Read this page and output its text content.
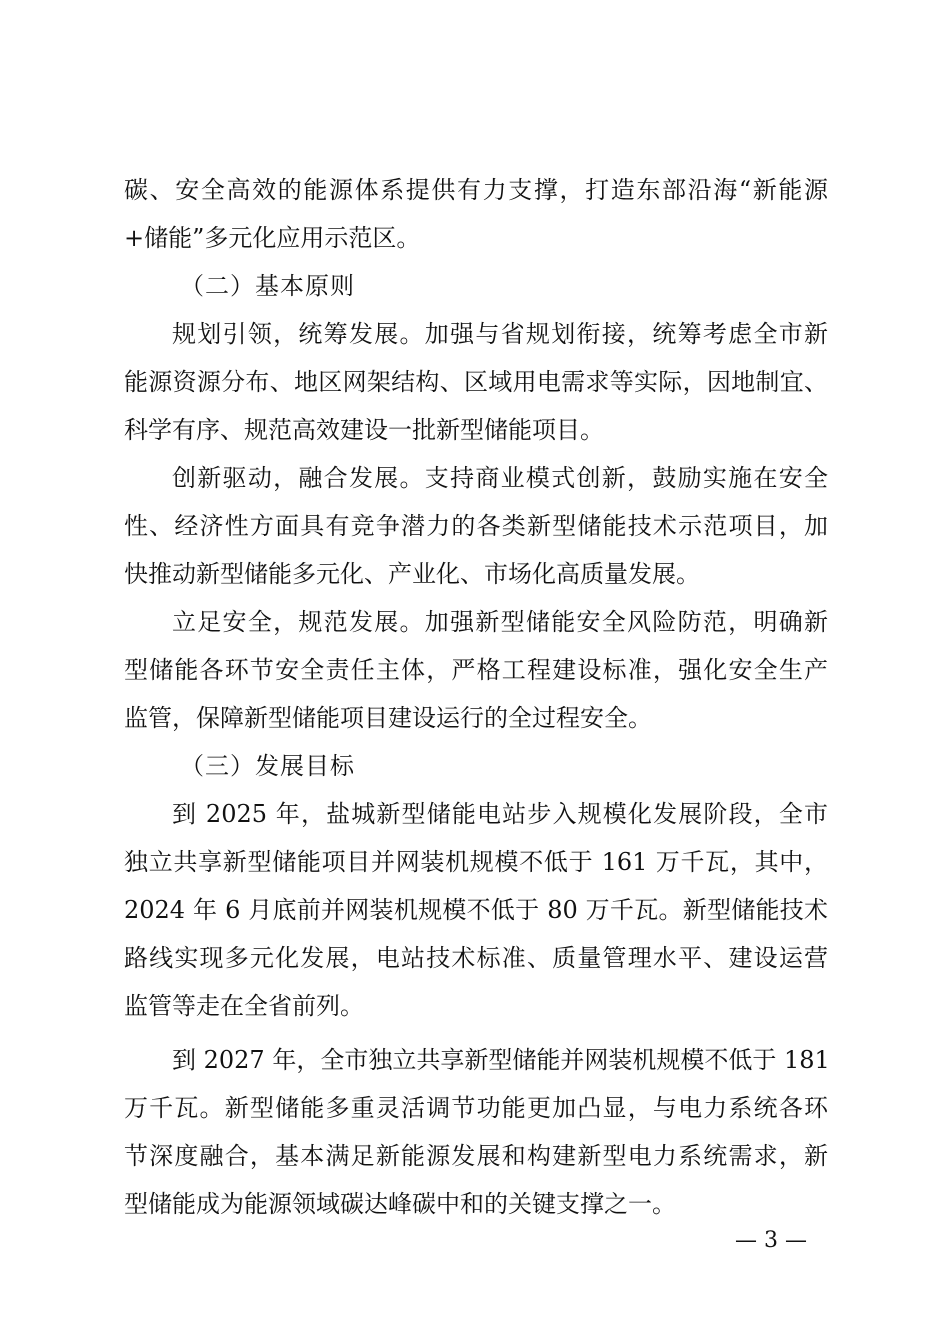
碳、安全高效的能源体系提供有力支撑，打造东部沿海“新能源
+储能”多元化应用示范区。
（二）基本原则
规划引领，统筹发展。加强与省规划衔接，统筹考虑全市新
能源资源分布、地区网架结构、区域用电需求等实际，因地制宜、
科学有序、规范高效建设一批新型储能项目。
创新驱动，融合发展。支持商业模式创新，鼓励实施在安全
性、经济性方面具有竞争潜力的各类新型储能技术示范项目，加
快推动新型储能多元化、产业化、市场化高质量发展。
立足安全，规范发展。加强新型储能安全风险防范，明确新
型储能各环节安全责任主体，严格工程建设标准，强化安全生产
监管，保障新型储能项目建设运行的全过程安全。
（三）发展目标
到 2025 年，盐城新型储能电站步入规模化发展阶段，全市
独立共享新型储能项目并网装机规模不低于 161 万千瓦，其中，
2024 年 6 月底前并网装机规模不低于 80 万千瓦。新型储能技术
路线实现多元化发展，电站技术标准、质量管理水平、建设运营
监管等走在全省前列。
到 2027 年，全市独立共享新型储能并网装机规模不低于 181
万千瓦。新型储能多重灵活调节功能更加凸显，与电力系统各环
节深度融合，基本满足新能源发展和构建新型电力系统需求，新
型储能成为能源领域碳达峰碳中和的关键支撑之一。
— 3 —
